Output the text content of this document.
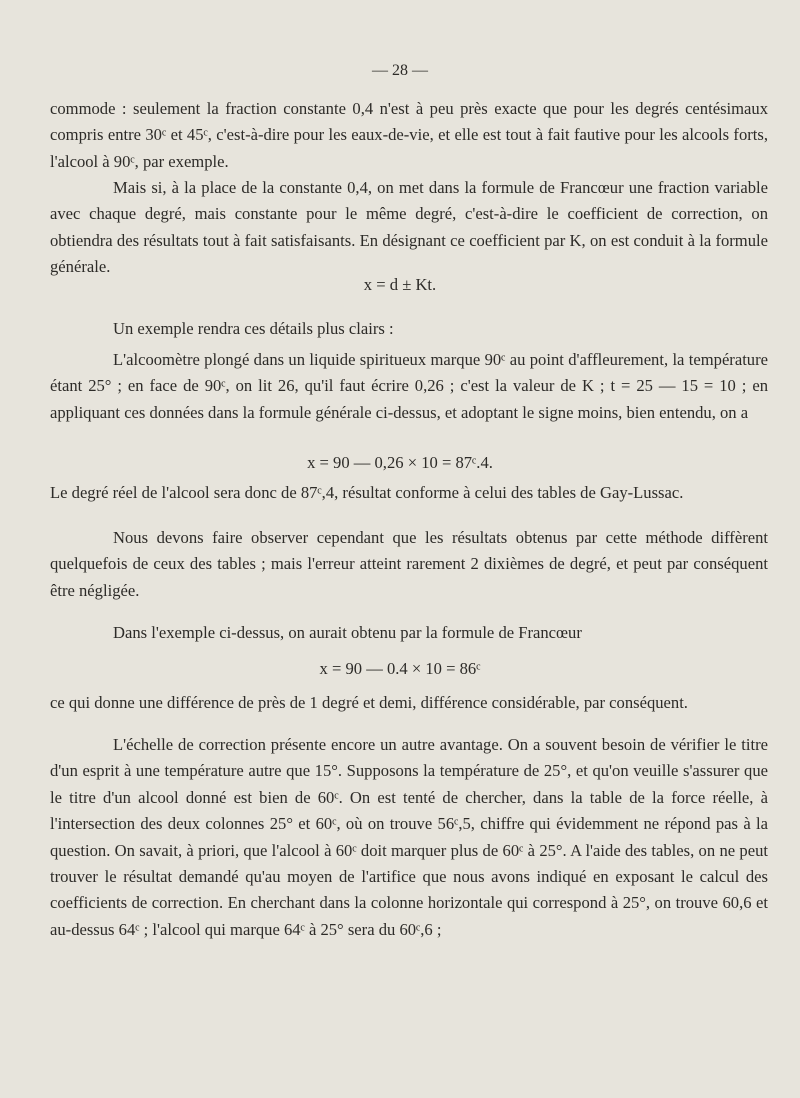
— 28 —

commode : seulement la fraction constante 0,4 n'est à peu près exacte que pour les degrés centésimaux compris entre 30ᶜ et 45ᶜ, c'est-à-dire pour les eaux-de-vie, et elle est tout à fait fautive pour les alcools forts, l'alcool à 90ᶜ, par exemple.

Mais si, à la place de la constante 0,4, on met dans la formule de Francœur une fraction variable avec chaque degré, mais constante pour le même degré, c'est-à-dire le coefficient de correction, on obtiendra des résultats tout à fait satisfaisants. En désignant ce coefficient par K, on est conduit à la formule générale.

x = d ± Kt.

Un exemple rendra ces détails plus clairs :

L'alcoomètre plongé dans un liquide spiritueux marque 90ᶜ au point d'affleurement, la température étant 25° ; en face de 90ᶜ, on lit 26, qu'il faut écrire 0,26 ; c'est la valeur de K ; t = 25 — 15 = 10 ; en appliquant ces données dans la formule générale ci-dessus, et adoptant le signe moins, bien entendu, on a

x = 90 — 0,26 × 10 = 87ᶜ.4.

Le degré réel de l'alcool sera donc de 87ᶜ,4, résultat conforme à celui des tables de Gay-Lussac.

Nous devons faire observer cependant que les résultats obtenus par cette méthode diffèrent quelquefois de ceux des tables ; mais l'erreur atteint rarement 2 dixièmes de degré, et peut par conséquent être négligée.

Dans l'exemple ci-dessus, on aurait obtenu par la formule de Francœur

x = 90 — 0.4 × 10 = 86ᶜ

ce qui donne une différence de près de 1 degré et demi, différence considérable, par conséquent.

L'échelle de correction présente encore un autre avantage. On a souvent besoin de vérifier le titre d'un esprit à une température autre que 15°. Supposons la température de 25°, et qu'on veuille s'assurer que le titre d'un alcool donné est bien de 60ᶜ. On est tenté de chercher, dans la table de la force réelle, à l'intersection des deux colonnes 25° et 60ᶜ, où on trouve 56ᶜ,5, chiffre qui évidemment ne répond pas à la question. On savait, à priori, que l'alcool à 60ᶜ doit marquer plus de 60ᶜ à 25°. A l'aide des tables, on ne peut trouver le résultat demandé qu'au moyen de l'artifice que nous avons indiqué en exposant le calcul des coefficients de correction. En cherchant dans la colonne horizontale qui correspond à 25°, on trouve 60,6 et au-dessus 64ᶜ ; l'alcool qui marque 64ᶜ à 25° sera du 60ᶜ,6 ;
